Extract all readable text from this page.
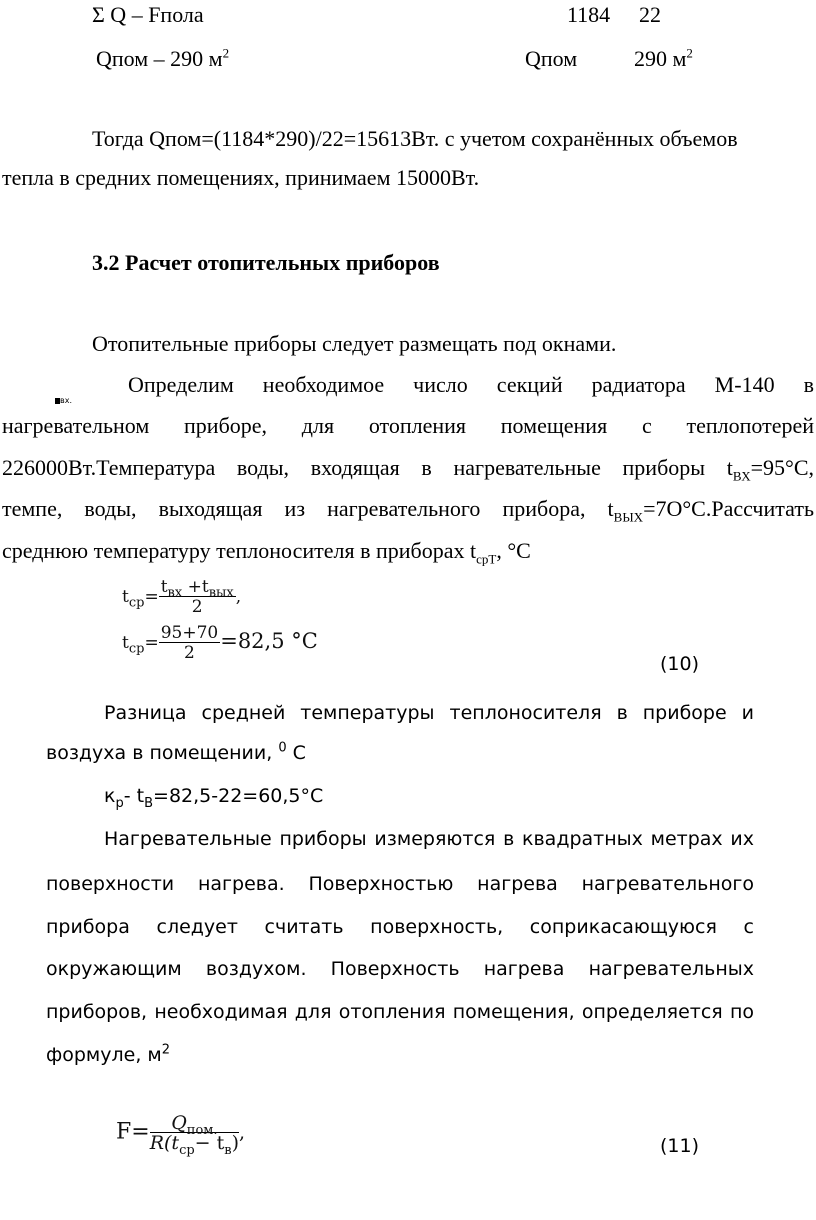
Σ Q – Fпола	1184 22
Qпом – 290 $м^2$	Qпом	290 $м^2$
Тогда Qпом=(1184*290)/22=15613Вт. с учетом сохранённых объемов
тепла в средних помещениях, принимаем 15000Вт.
3.2 Расчет отопительных приборов
Отопительные приборы следует размещать под окнами.
вх.
Определим необходимое число секций радиатора М-140 в
нагревательном приборе, для отопления помещения с теплопотерей
226000Вт.Температура воды, входящая в нагревательные приборы $t_{ВХ}=95^\circ С$,
темпе, воды, выходящая из нагревательного прибора, $t_{ВЫХ}=7О^\circ С.Рассчитать$
среднюю температуру теплоносителя в приборах $t_{срТ}$, °С
$t_{ср}= \frac{t_{вх} +t_{вых}}{2}$ ,
$t_{ср}= \frac{95+70}{2} =82,5$ °С
(10)
Разница средней температуры теплоносителя в приборе и
воздуха в помещении, $^0$ С
$к_р-$ $t_В=82,5-22=60,5^\circ С$
Нагревательные приборы измеряются в квадратных метрах их
поверхности нагрева. Поверхностью нагрева нагревательного
прибора следует считать поверхность, соприкасающуюся с
окружающим воздухом. Поверхность нагрева нагревательных
приборов, необходимая для отопления помещения, определяется по
формуле, $м^2$
$F= \frac{Q_{пом.}}{R(t_{ср}- t_в)}$ ,
(11)
